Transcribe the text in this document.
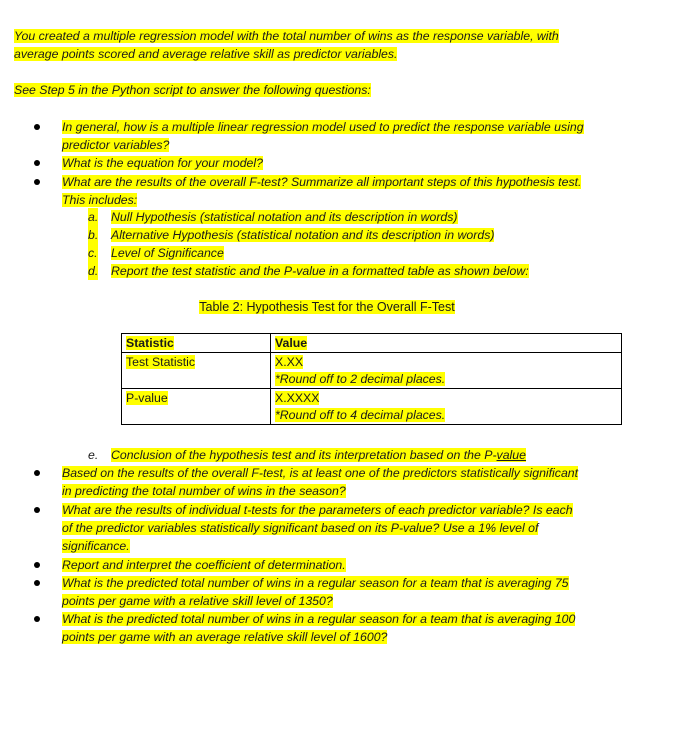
You created a multiple regression model with the total number of wins as the response variable, with
average points scored and average relative skill as predictor variables.
See Step 5 in the Python script to answer the following questions:
In general, how is a multiple linear regression model used to predict the response variable using
predictor variables?
What is the equation for your model?
What are the results of the overall F-test? Summarize all important steps of this hypothesis test.
This includes:
a. Null Hypothesis (statistical notation and its description in words)
b. Alternative Hypothesis (statistical notation and its description in words)
c. Level of Significance
d. Report the test statistic and the P-value in a formatted table as shown below:
Table 2: Hypothesis Test for the Overall F-Test
Statistic	Value
Test Statistic	X.XX
*Round off to 2 decimal places.

P-value	X.XXXX
*Round off to 4 decimal places.
e. Conclusion of the hypothesis test and its interpretation based on the P-value
Based on the results of the overall F-test, is at least one of the predictors statistically significant
in predicting the total number of wins in the season?
What are the results of individual t-tests for the parameters of each predictor variable? Is each
of the predictor variables statistically significant based on its P-value? Use a 1% level of
significance.
Report and interpret the coefficient of determination.
What is the predicted total number of wins in a regular season for a team that is averaging 75
points per game with a relative skill level of 1350?
What is the predicted total number of wins in a regular season for a team that is averaging 100
points per game with an average relative skill level of 1600?
